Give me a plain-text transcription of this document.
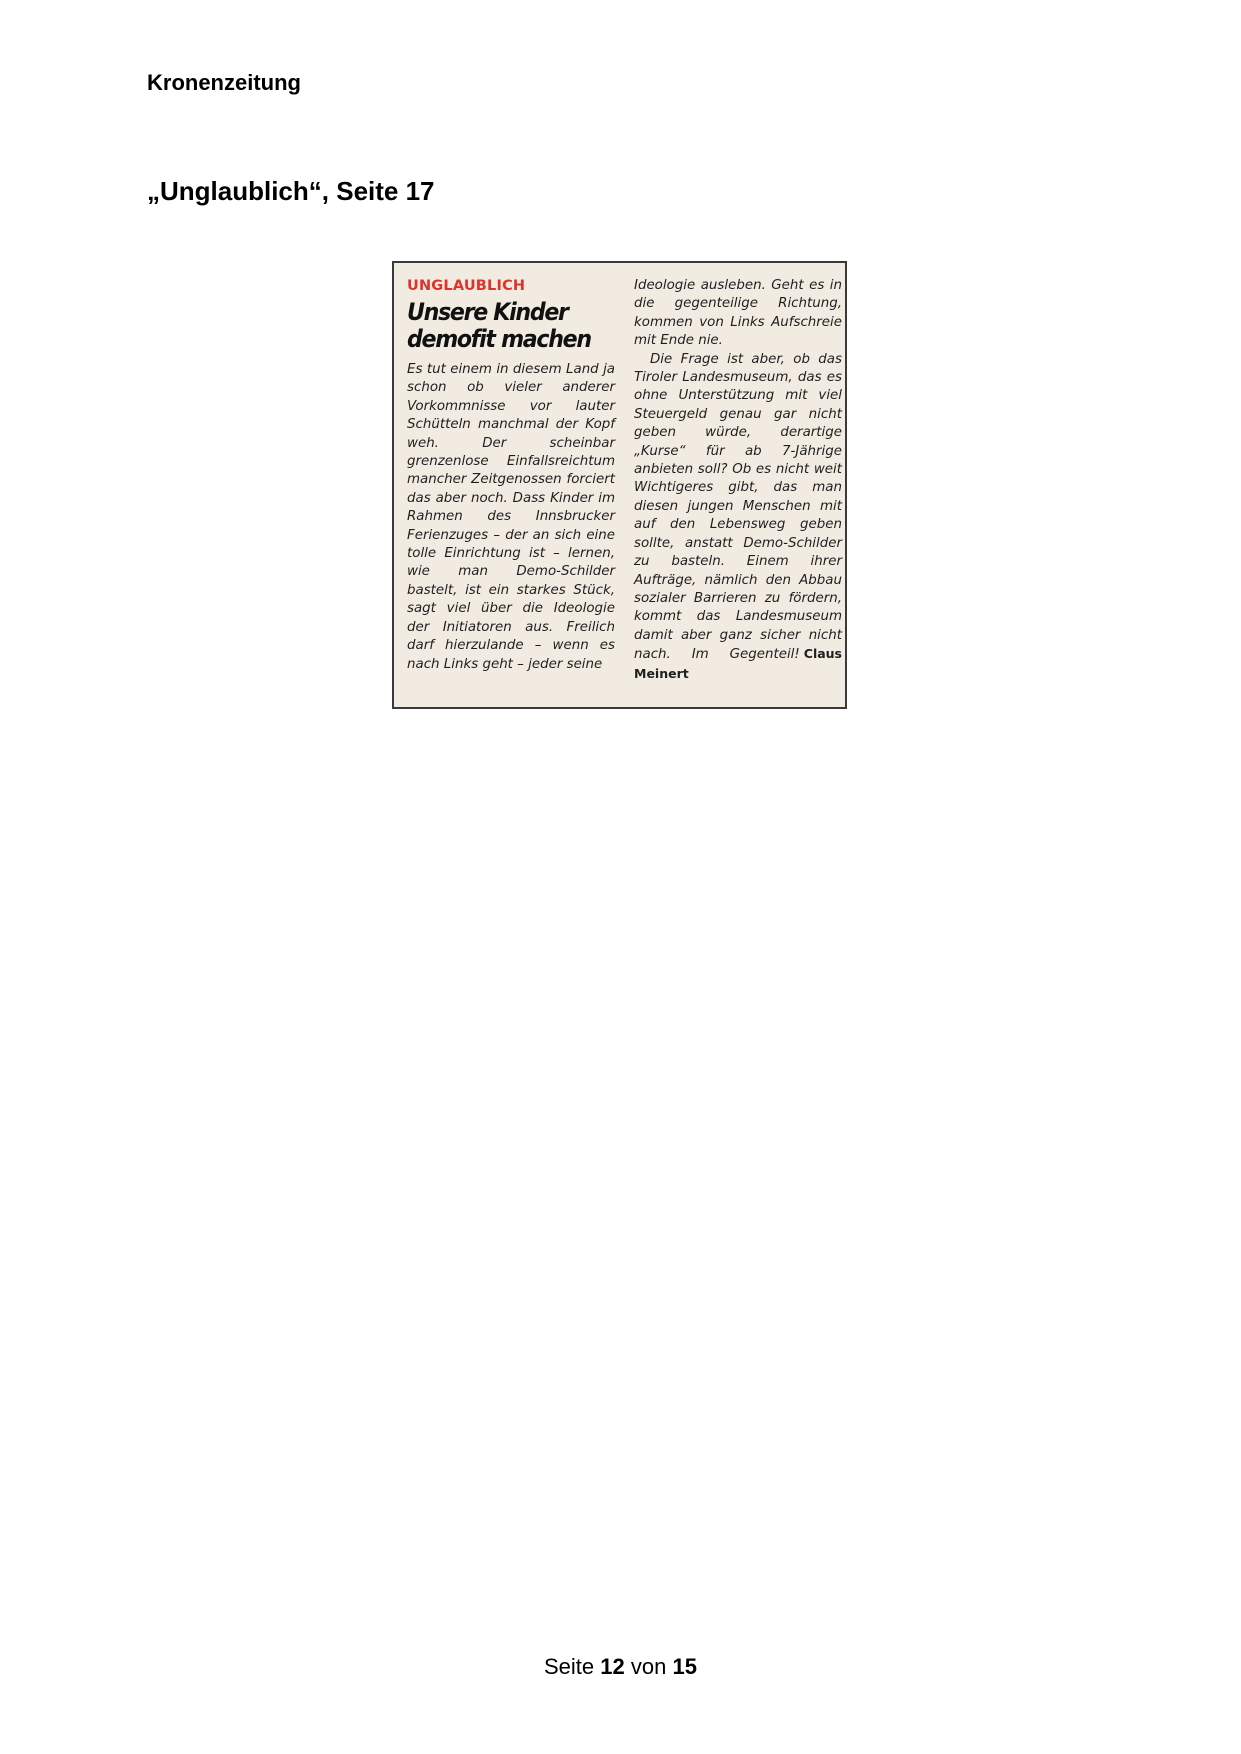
Kronenzeitung
„Unglaublich“, Seite 17
UNGLAUBLICH
Unsere Kinder
demofit machen

Es tut einem in diesem Land ja schon ob vieler anderer Vorkommnisse vor lauter Schütteln manchmal der Kopf weh. Der scheinbar grenzenlose Einfallsreichtum mancher Zeitgenossen forciert das aber noch. Dass Kinder im Rahmen des Innsbrucker Ferienzuges – der an sich eine tolle Einrichtung ist – lernen, wie man Demo-Schilder bastelt, ist ein starkes Stück, sagt viel über die Ideologie der Initiatoren aus. Freilich darf hierzulande – wenn es nach Links geht – jeder seine

Ideologie ausleben. Geht es in die gegenteilige Richtung, kommen von Links Aufschreie mit Ende nie.

Die Frage ist aber, ob das Tiroler Landesmuseum, das es ohne Unterstützung mit viel Steuergeld genau gar nicht geben würde, derartige „Kurse“ für ab 7-Jährige anbieten soll? Ob es nicht weit Wichtigeres gibt, das man diesen jungen Menschen mit auf den Lebensweg geben sollte, anstatt Demo-Schilder zu basteln. Einem ihrer Aufträge, nämlich den Abbau sozialer Barrieren zu fördern, kommt das Landesmuseum damit aber ganz sicher nicht nach. Im Gegenteil! Claus Meinert

Seite 12 von 15
